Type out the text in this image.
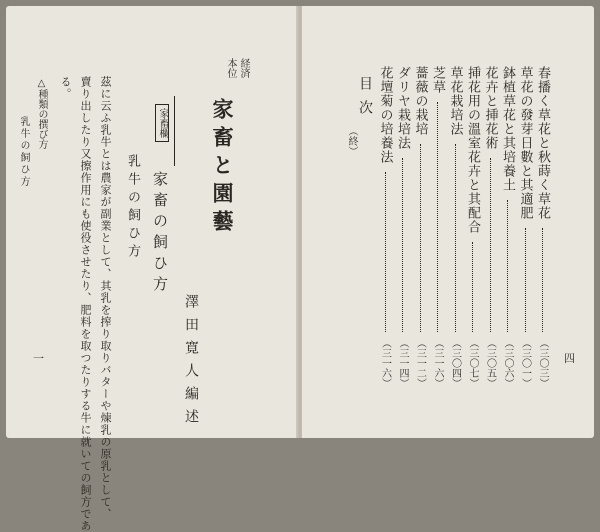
経済
本位
家畜と園藝
澤田寛人編述
家畜欄
家畜の飼ひ方
乳牛の飼ひ方
茲に云ふ乳牛とは農家が副業として、其乳を搾り取りバターや煉乳の原乳として、
賣り出したり又擦作用にも使役させたり、肥料を取つたりする牛に就いての飼方であ
る。
△種類の撰び方
乳牛の飼ひ方
一
春播く草花と秋蒔く草花
（三〇三）
草花の發芽日數と其適肥
（三〇一）
鉢植草花と其培養土
（三〇六）
花卉と挿花術
（三〇五）
挿花用の溫室花卉と其配合
（三〇七）
草花栽培法
（三〇四）
芝草
（三一六）
薔薇の栽培
（三一二）
ダリヤ栽培法
（三一四）
花壇菊の培養法
（三一六）
目次
（終）
四
